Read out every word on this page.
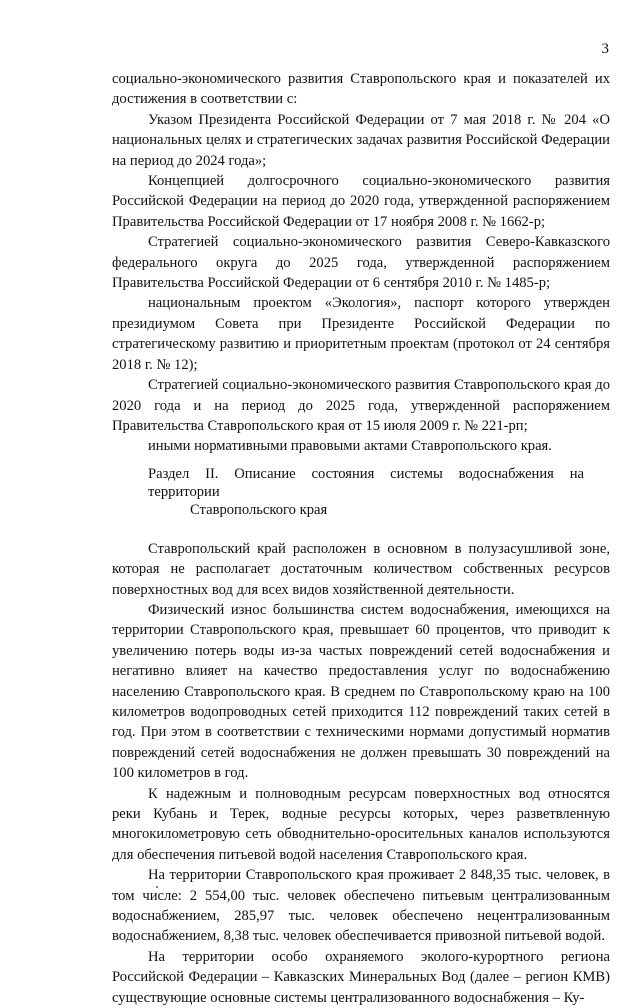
3

социально-экономического развития Ставропольского края и показателей их достижения в соответствии с:

Указом Президента Российской Федерации от 7 мая 2018 г. № 204 «О национальных целях и стратегических задачах развития Российской Федерации на период до 2024 года»;

Концепцией долгосрочного социально-экономического развития Российской Федерации на период до 2020 года, утвержденной распоряжением Правительства Российской Федерации от 17 ноября 2008 г. № 1662-р;

Стратегией социально-экономического развития Северо-Кавказского федерального округа до 2025 года, утвержденной распоряжением Правительства Российской Федерации от 6 сентября 2010 г. № 1485-р;

национальным проектом «Экология», паспорт которого утвержден президиумом Совета при Президенте Российской Федерации по стратегическому развитию и приоритетным проектам (протокол от 24 сентября 2018 г. № 12);

Стратегией социально-экономического развития Ставропольского края до 2020 года и на период до 2025 года, утвержденной распоряжением Правительства Ставропольского края от 15 июля 2009 г. № 221-рп;

иными нормативными правовыми актами Ставропольского края.

Раздел II. Описание состояния системы водоснабжения на территории
Ставропольского края

Ставропольский край расположен в основном в полузасушливой зоне, которая не располагает достаточным количеством собственных ресурсов поверхностных вод для всех видов хозяйственной деятельности.

Физический износ большинства систем водоснабжения, имеющихся на территории Ставропольского края, превышает 60 процентов, что приводит к увеличению потерь воды из-за частых повреждений сетей водоснабжения и негативно влияет на качество предоставления услуг по водоснабжению населению Ставропольского края. В среднем по Ставропольскому краю на 100 километров водопроводных сетей приходится 112 повреждений таких сетей в год. При этом в соответствии с техническими нормами допустимый норматив повреждений сетей водоснабжения не должен превышать 30 повреждений на 100 километров в год.

К надежным и полноводным ресурсам поверхностных вод относятся реки Кубань и Терек, водные ресурсы которых, через разветвленную многокилометровую сеть обводнительно-оросительных каналов используются для обеспечения питьевой водой населения Ставропольского края.

На территории Ставропольского края проживает 2 848,35 тыс. человек, в том числе: 2 554,00 тыс. человек обеспечено питьевым централизованным водоснабжением, 285,97 тыс. человек обеспечено нецентрализованным водоснабжением, 8,38 тыс. человек обеспечивается привозной питьевой водой.

На территории особо охраняемого эколого-курортного региона Российской Федерации – Кавказских Минеральных Вод (далее – регион КМВ) существующие основные системы централизованного водоснабжения – Ку-
